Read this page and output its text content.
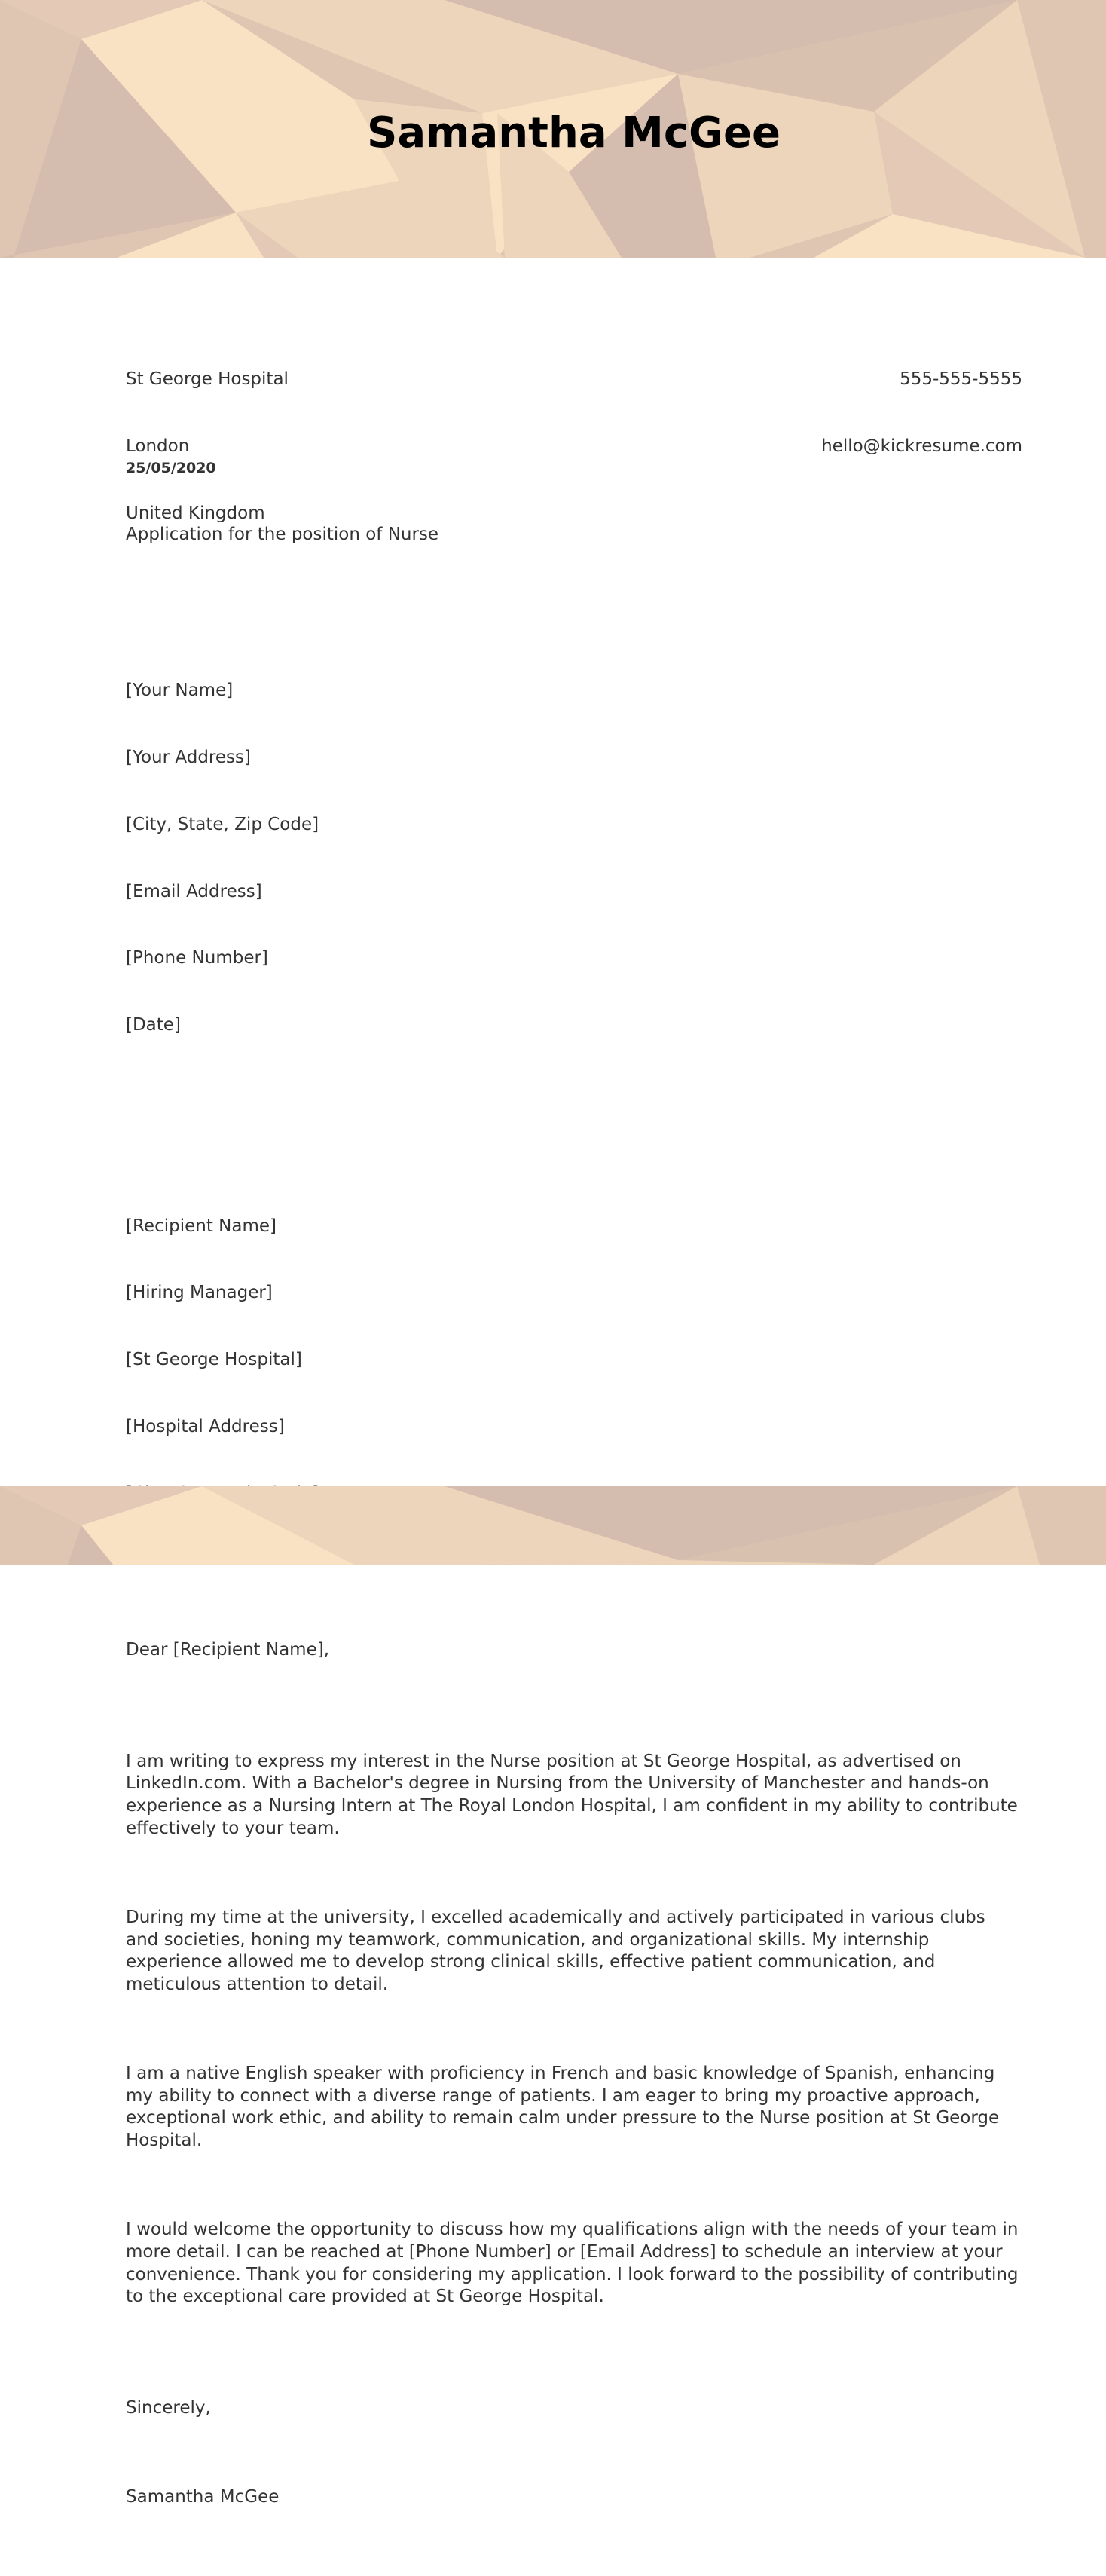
Samantha McGee

St George Hospital

London

United Kingdom

555-555-5555

hello@kickresume.com

25/05/2020

Application for the position of Nurse

[Your Name]

[Your Address]

[City, State, Zip Code]

[Email Address]

[Phone Number]

[Date]

[Recipient Name]

[Hiring Manager]

[St George Hospital]

[Hospital Address]

Dear [Recipient Name],

I am writing to express my interest in the Nurse position at St George Hospital, as advertised on LinkedIn.com. With a Bachelor's degree in Nursing from the University of Manchester and hands-on experience as a Nursing Intern at The Royal London Hospital, I am confident in my ability to contribute effectively to your team.

During my time at the university, I excelled academically and actively participated in various clubs and societies, honing my teamwork, communication, and organizational skills. My internship experience allowed me to develop strong clinical skills, effective patient communication, and meticulous attention to detail.

I am a native English speaker with proficiency in French and basic knowledge of Spanish, enhancing my ability to connect with a diverse range of patients. I am eager to bring my proactive approach, exceptional work ethic, and ability to remain calm under pressure to the Nurse position at St George Hospital.

I would welcome the opportunity to discuss how my qualifications align with the needs of your team in more detail. I can be reached at [Phone Number] or [Email Address] to schedule an interview at your convenience. Thank you for considering my application. I look forward to the possibility of contributing to the exceptional care provided at St George Hospital.

Sincerely,

Samantha McGee
